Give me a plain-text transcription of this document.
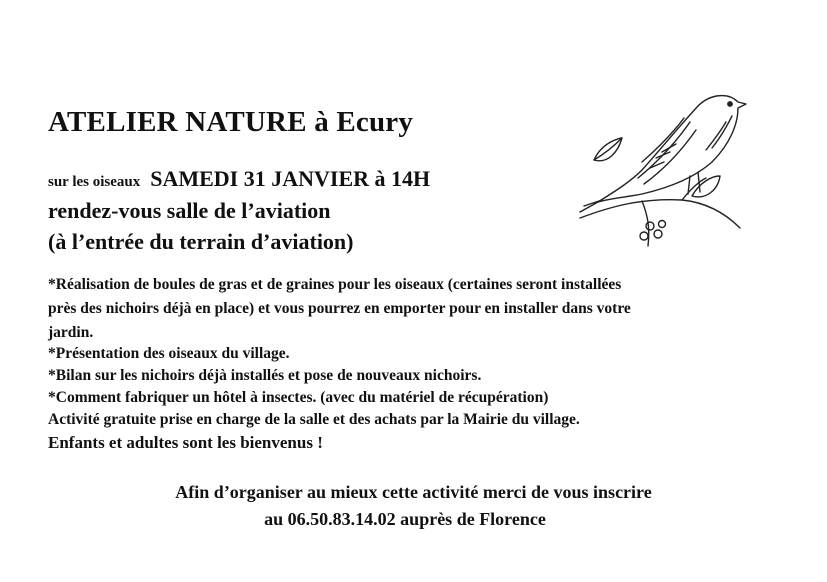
ATELIER NATURE à Ecury
sur les oiseaux SAMEDI 31 JANVIER à 14H
rendez-vous salle de l’aviation
(à l’entrée du terrain d’aviation)
*Réalisation de boules de gras et de graines pour les oiseaux (certaines seront installées
près des nichoirs déjà en place) et vous pourrez en emporter pour en installer dans votre
jardin.
*Présentation des oiseaux du village.
*Bilan sur les nichoirs déjà installés et pose de nouveaux nichoirs.
*Comment fabriquer un hôtel à insectes. (avec du matériel de récupération)
Activité gratuite prise en charge de la salle et des achats par la Mairie du village.
Enfants et adultes sont les bienvenus !
Afin d’organiser au mieux cette activité merci de vous inscrire
au 06.50.83.14.02 auprès de Florence
